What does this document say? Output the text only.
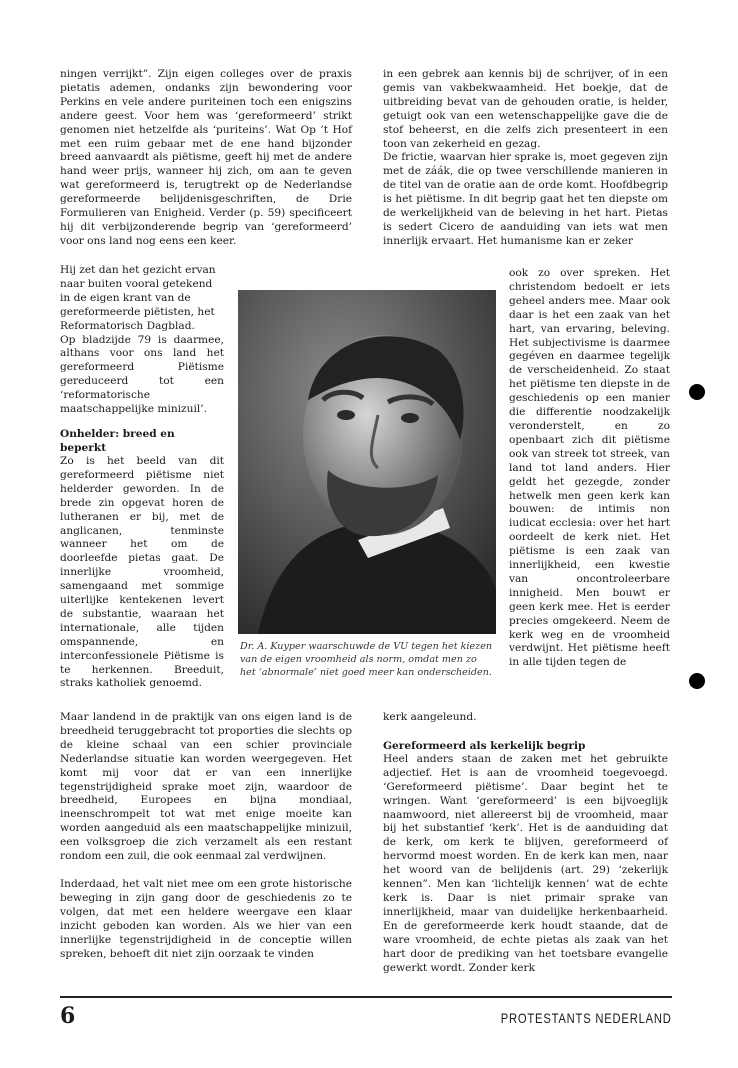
ningen verrijkt”. Zijn eigen colleges over de praxis pietatis ademen, ondanks zijn bewondering voor Perkins en vele andere puriteinen toch een enigszins andere geest. Voor hem was ‘gereformeerd’ strikt genomen niet hetzelfde als ‘puriteins’. Wat Op ’t Hof met een ruim gebaar met de ene hand bijzonder breed aanvaardt als piëtisme, geeft hij met de andere hand weer prijs, wanneer hij zich, om aan te geven wat gereformeerd is, terugtrekt op de Nederlandse gereformeerde belijdenisgeschriften, de Drie Formulieren van Enigheid. Verder (p. 59) specificeert hij dit verbijzonderende begrip van ‘gereformeerd’ voor ons land nog eens een keer.

Hij zet dan het gezicht ervan naar buiten vooral getekend in de eigen krant van de gereformeerde piëtisten, het Reformatorisch Dagblad.

Op bladzijde 79 is daarmee, althans voor ons land het gereformeerd Piëtisme gereduceerd tot een ‘reformatorische maatschappelijke minizuil’.

Onhelder: breed en beperkt

Zo is het beeld van dit gereformeerd piëtisme niet helderder geworden. In de brede zin opgevat horen de lutheranen er bij, met de anglicanen, tenminste wanneer het om de doorleefde pietas gaat. De innerlijke vroomheid, samengaand met sommige uiterlijke kentekenen levert de substantie, waaraan het internationale, alle tijden omspannende, en interconfessionele Piëtisme is te herkennen. Breeduit, straks katholiek genoemd.

Dr. A. Kuyper waarschuwde de VU tegen het kiezen van de eigen vroomheid als norm, omdat men zo het ‘abnormale’ niet goed meer kan onderscheiden.

in een gebrek aan kennis bij de schrijver, of in een gemis van vakbekwaamheid. Het boekje, dat de uitbreiding bevat van de gehouden oratie, is helder, getuigt ook van een wetenschappelijke gave die de stof beheerst, en die zelfs zich presenteert in een toon van zekerheid en gezag.

De frictie, waarvan hier sprake is, moet gegeven zijn met de záák, die op twee verschillende manieren in de titel van de oratie aan de orde komt. Hoofdbegrip is het piëtisme. In dit begrip gaat het ten diepste om de werkelijkheid van de beleving in het hart. Pietas is sedert Cicero de aanduiding van iets wat men innerlijk ervaart. Het humanisme kan er zeker

ook zo over spreken. Het christendom bedoelt er iets geheel anders mee. Maar ook daar is het een zaak van het hart, van ervaring, beleving. Het subjectivisme is daarmee gegéven en daarmee tegelijk de verscheidenheid. Zo staat het piëtisme ten diepste in de geschiedenis op een manier die differentie noodzakelijk veronderstelt, en zo openbaart zich dit piëtisme ook van streek tot streek, van land tot land anders. Hier geldt het gezegde, zonder hetwelk men geen kerk kan bouwen: de intimis non iudicat ecclesia: over het hart oordeelt de kerk niet. Het piëtisme is een zaak van innerlijkheid, een kwestie van oncontroleerbare innigheid. Men bouwt er geen kerk mee. Het is eerder precies omgekeerd. Neem de kerk weg en de vroomheid verdwijnt. Het piëtisme heeft in alle tijden tegen de

Maar landend in de praktijk van ons eigen land is de breedheid teruggebracht tot proporties die slechts op de kleine schaal van een schier provinciale Nederlandse situatie kan worden weergegeven. Het komt mij voor dat er van een innerlijke tegenstrijdigheid sprake moet zijn, waardoor de breedheid, Europees en bijna mondiaal, ineenschrompelt tot wat met enige moeite kan worden aangeduid als een maatschappelijke minizuil, een volksgroep die zich verzamelt als een restant rondom een zuil, die ook eenmaal zal verdwijnen.

Inderdaad, het valt niet mee om een grote historische beweging in zijn gang door de geschiedenis zo te volgen, dat met een heldere weergave een klaar inzicht geboden kan worden. Als we hier van een innerlijke tegenstrijdigheid in de conceptie willen spreken, behoeft dit niet zijn oorzaak te vinden

kerk aangeleund.

Gereformeerd als kerkelijk begrip

Heel anders staan de zaken met het gebruikte adjectief. Het is aan de vroomheid toegevoegd. ‘Gereformeerd piëtisme’. Daar begint het te wringen. Want ‘gereformeerd’ is een bijvoeglijk naamwoord, niet allereerst bij de vroomheid, maar bij het substantief ‘kerk’. Het is de aanduiding dat de kerk, om kerk te blijven, gereformeerd of hervormd moest worden. En de kerk kan men, naar het woord van de belijdenis (art. 29) ‘zekerlijk kennen”. Men kan ‘lichtelijk kennen’ wat de echte kerk is. Daar is niet primair sprake van innerlijkheid, maar van duidelijke herkenbaarheid. En de gereformeerde kerk houdt staande, dat de ware vroomheid, de echte pietas als zaak van het hart door de prediking van het toetsbare evangelie gewerkt wordt. Zonder kerk

6	PROTESTANTS NEDERLAND
